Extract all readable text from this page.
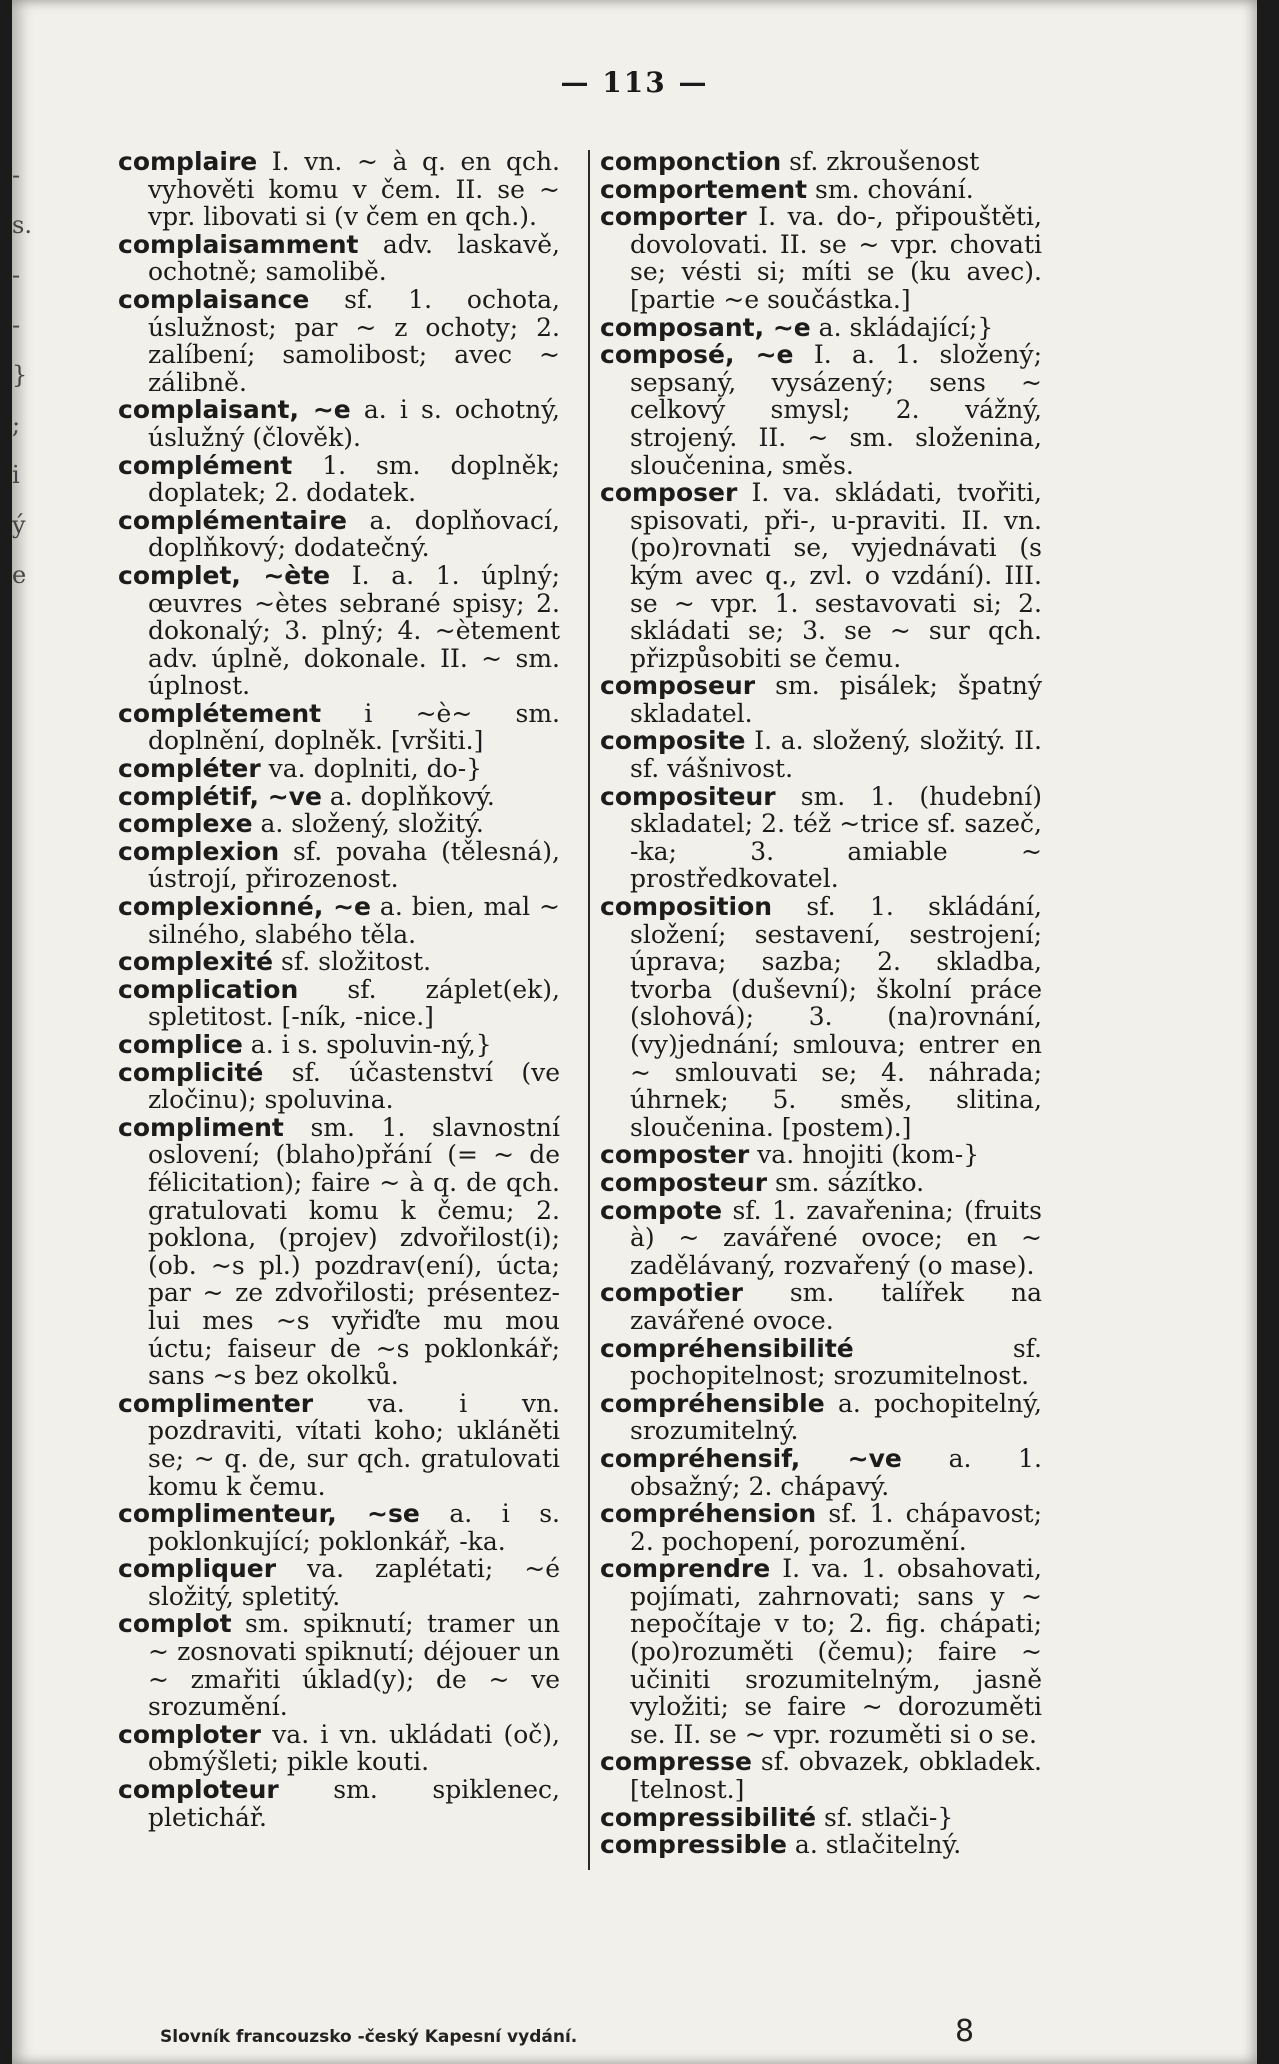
-
s.
-
-
}
;
i
ý
e
— 113 —

complaire I. vn. ~ à q. en qch. vyhověti komu v čem. II. se ~ vpr. libovati si (v čem en qch.).

complaisamment adv. laskavě, ochotně; samolibě.

complaisance sf. 1. ochota, úslužnost; par ~ z ochoty; 2. zalíbení; samolibost; avec ~ zálibně.

complaisant, ~e a. i s. ochotný, úslužný (člověk).

complément 1. sm. doplněk; doplatek; 2. dodatek.

complémentaire a. doplňovací, doplňkový; dodatečný.

complet, ~ète I. a. 1. úplný; œuvres ~ètes sebrané spisy; 2. dokonalý; 3. plný; 4. ~ètement adv. úplně, dokonale. II. ~ sm. úplnost.

complétement i ~è~ sm. doplnění, doplněk. [vršiti.]

compléter va. doplniti, do-}

complétif, ~ve a. doplňkový.

complexe a. složený, složitý.

complexion sf. povaha (tělesná), ústrojí, přirozenost.

complexionné, ~e a. bien, mal ~ silného, slabého těla.

complexité sf. složitost.

complication sf. záplet(ek), spletitost. [-ník, -nice.]

complice a. i s. spoluvin-ný,}

complicité sf. účastenství (ve zločinu); spoluvina.

compliment sm. 1. slavnostní oslovení; (blaho)přání (= ~ de félicitation); faire ~ à q. de qch. gratulovati komu k čemu; 2. poklona, (projev) zdvořilost(i); (ob. ~s pl.) pozdrav(ení), úcta; par ~ ze zdvořilosti; présentez-lui mes ~s vyřiďte mu mou úctu; faiseur de ~s poklonkář; sans ~s bez okolků.

complimenter va. i vn. pozdraviti, vítati koho; ukláněti se; ~ q. de, sur qch. gratulovati komu k čemu.

complimenteur, ~se a. i s. poklonkující; poklonkář, -ka.

compliquer va. zaplétati; ~é složitý, spletitý.

complot sm. spiknutí; tramer un ~ zosnovati spiknutí; déjouer un ~ zmařiti úklad(y); de ~ ve srozumění.

comploter va. i vn. ukládati (oč), obmýšleti; pikle kouti.

comploteur sm. spiklenec, pletichář.

componction sf. zkroušenost

comportement sm. chování.

comporter I. va. do-, připouštěti, dovolovati. II. se ~ vpr. chovati se; vésti si; míti se (ku avec). [partie ~e součástka.]

composant, ~e a. skládající;}

composé, ~e I. a. 1. složený; sepsaný, vysázený; sens ~ celkový smysl; 2. vážný, strojený. II. ~ sm. složenina, sloučenina, směs.

composer I. va. skládati, tvořiti, spisovati, při-, u-praviti. II. vn. (po)rovnati se, vyjednávati (s kým avec q., zvl. o vzdání). III. se ~ vpr. 1. sestavovati si; 2. skládati se; 3. se ~ sur qch. přizpůsobiti se čemu.

composeur sm. pisálek; špatný skladatel.

composite I. a. složený, složitý. II. sf. vášnivost.

compositeur sm. 1. (hudební) skladatel; 2. též ~trice sf. sazeč, -ka; 3. amiable ~ prostředkovatel.

composition sf. 1. skládání, složení; sestavení, sestrojení; úprava; sazba; 2. skladba, tvorba (duševní); školní práce (slohová); 3. (na)rovnání, (vy)jednání; smlouva; entrer en ~ smlouvati se; 4. náhrada; úhrnek; 5. směs, slitina, sloučenina. [postem).]

composter va. hnojiti (kom-}

composteur sm. sázítko.

compote sf. 1. zavařenina; (fruits à) ~ zavářené ovoce; en ~ zadělávaný, rozvařený (o mase).

compotier sm. talířek na zavářené ovoce.

compréhensibilité sf. pochopitelnost; srozumitelnost.

compréhensible a. pochopitelný, srozumitelný.

compréhensif, ~ve a. 1. obsažný; 2. chápavý.

compréhension sf. 1. chápavost; 2. pochopení, porozumění.

comprendre I. va. 1. obsahovati, pojímati, zahrnovati; sans y ~ nepočítaje v to; 2. fig. chápati; (po)rozuměti (čemu); faire ~ učiniti srozumitelným, jasně vyložiti; se faire ~ dorozuměti se. II. se ~ vpr. rozuměti si o se.

compresse sf. obvazek, obkladek. [telnost.]

compressibilité sf. stlači-}

compressible a. stlačitelný.

Slovník francouzsko -český Kapesní vydání.	8
